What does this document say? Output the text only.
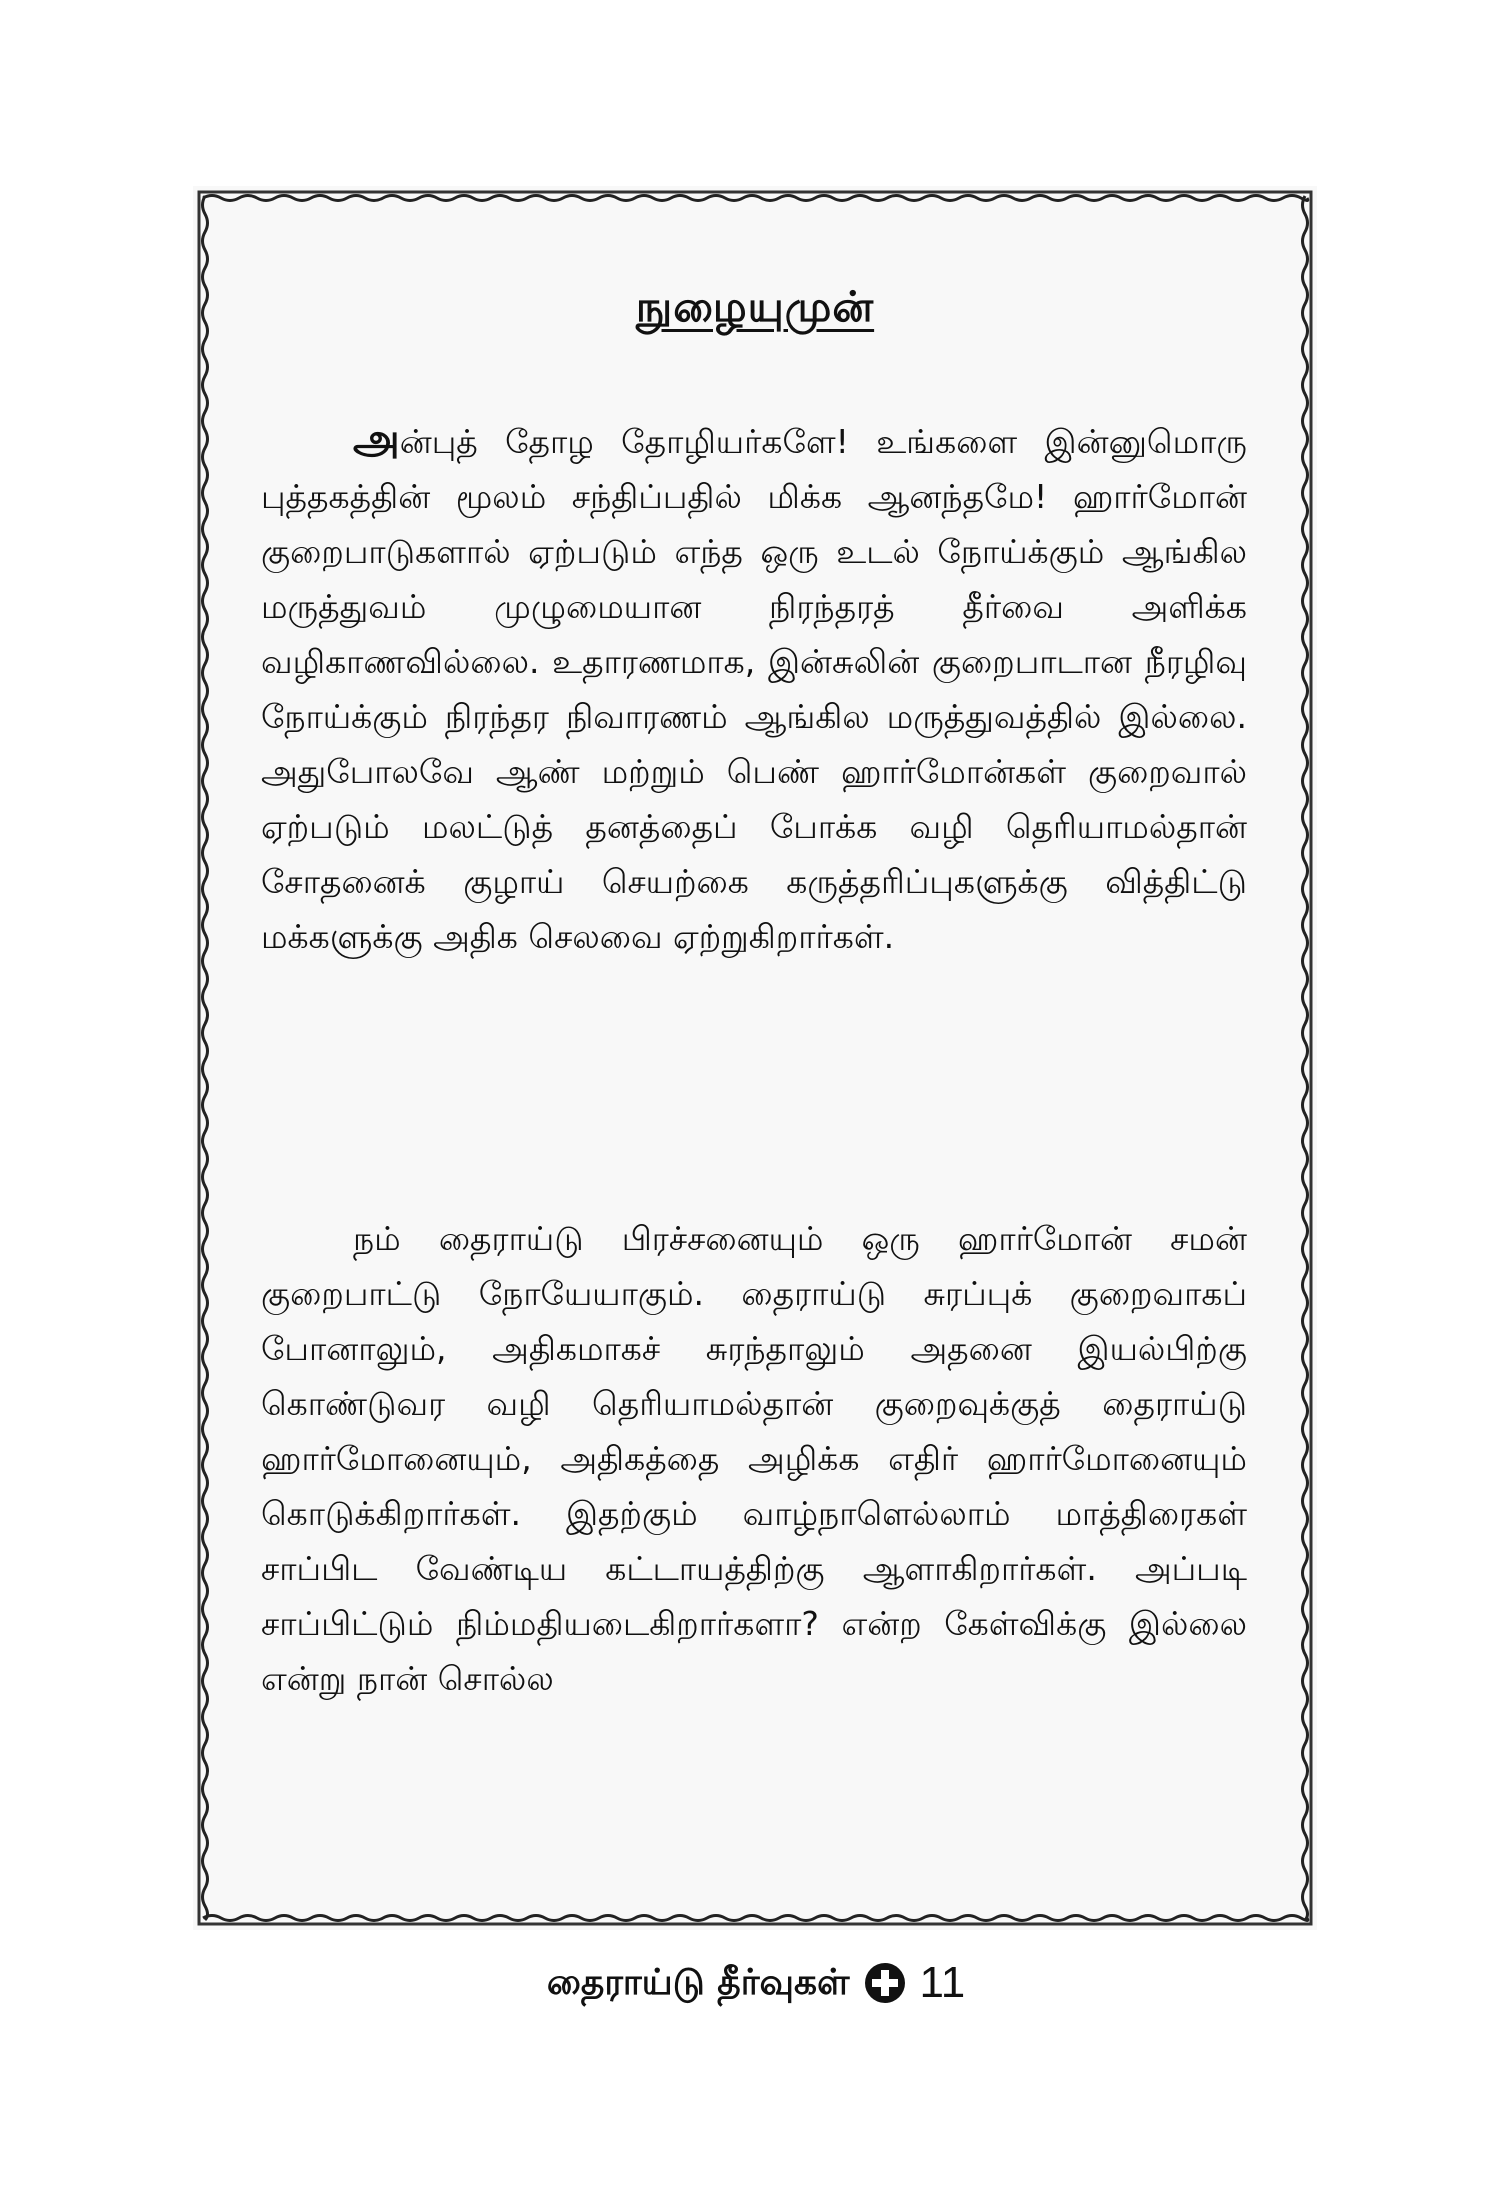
நுழையுமுன்

அன்புத் தோழ தோழியர்களே! உங்களை இன்னுமொரு புத்தகத்தின் மூலம் சந்திப்பதில் மிக்க ஆனந்தமே! ஹார்மோன் குறைபாடுகளால் ஏற்படும் எந்த ஒரு உடல் நோய்க்கும் ஆங்கில மருத்துவம் முழுமையான நிரந்தரத் தீர்வை அளிக்க வழிகாணவில்லை. உதாரணமாக, இன்சுலின் குறைபாடான நீரழிவு நோய்க்கும் நிரந்தர நிவாரணம் ஆங்கில மருத்துவத்தில் இல்லை. அதுபோலவே ஆண் மற்றும் பெண் ஹார்மோன்கள் குறைவால் ஏற்படும் மலட்டுத் தனத்தைப் போக்க வழி தெரியாமல்தான் சோதனைக் குழாய் செயற்கை கருத்தரிப்புகளுக்கு வித்திட்டு மக்களுக்கு அதிக செலவை ஏற்றுகிறார்கள்.

நம் தைராய்டு பிரச்சனையும் ஒரு ஹார்மோன் சமன் குறைபாட்டு நோயேயாகும். தைராய்டு சுரப்புக் குறைவாகப் போனாலும், அதிகமாகச் சுரந்தாலும் அதனை இயல்பிற்கு கொண்டுவர வழி தெரியாமல்தான் குறைவுக்குத் தைராய்டு ஹார்மோனையும், அதிகத்தை அழிக்க எதிர் ஹார்மோனையும் கொடுக்கிறார்கள். இதற்கும் வாழ்நாளெல்லாம் மாத்திரைகள் சாப்பிட வேண்டிய கட்டாயத்திற்கு ஆளாகிறார்கள். அப்படி சாப்பிட்டும் நிம்மதியடைகிறார்களா? என்ற கேள்விக்கு இல்லை என்று நான் சொல்ல

தைராய்டு தீர்வுகள் 11
